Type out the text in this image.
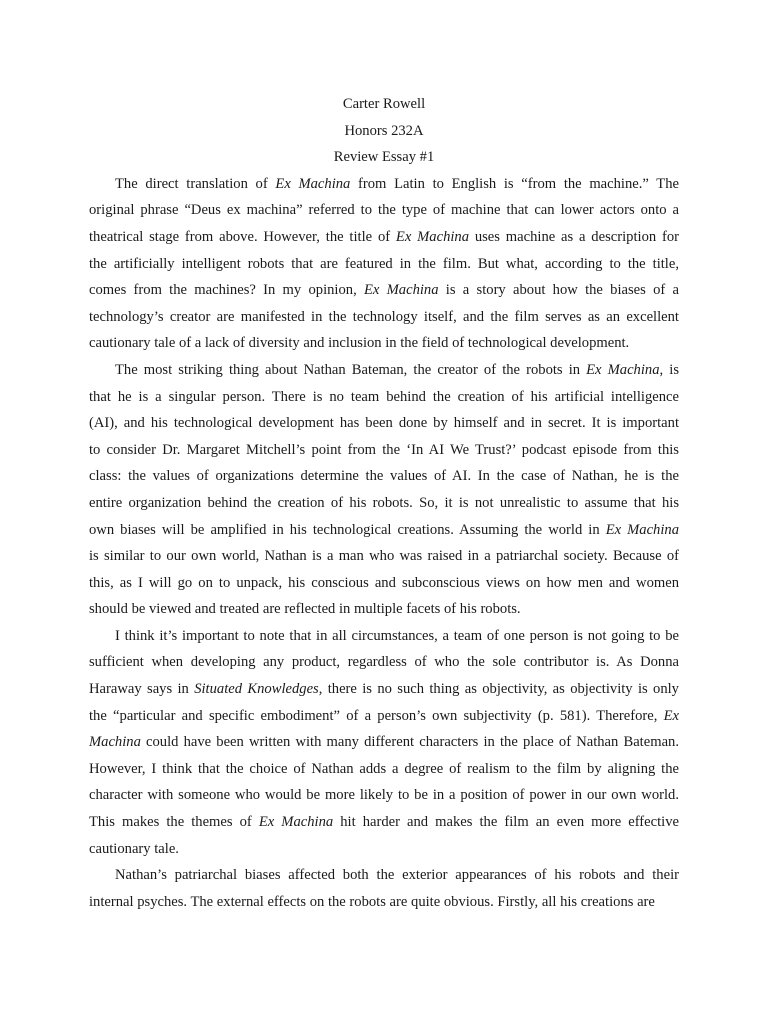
Carter Rowell

Honors 232A

Review Essay #1

The direct translation of Ex Machina from Latin to English is “from the machine.” The
original phrase “Deus ex machina” referred to the type of machine that can lower actors onto a
theatrical stage from above. However, the title of Ex Machina uses machine as a description for
the artificially intelligent robots that are featured in the film. But what, according to the title,
comes from the machines? In my opinion, Ex Machina is a story about how the biases of a
technology’s creator are manifested in the technology itself, and the film serves as an excellent
cautionary tale of a lack of diversity and inclusion in the field of technological development.
The most striking thing about Nathan Bateman, the creator of the robots in Ex Machina, is
that he is a singular person. There is no team behind the creation of his artificial intelligence
(AI), and his technological development has been done by himself and in secret. It is important
to consider Dr. Margaret Mitchell’s point from the ‘In AI We Trust?’ podcast episode from this
class: the values of organizations determine the values of AI. In the case of Nathan, he is the
entire organization behind the creation of his robots. So, it is not unrealistic to assume that his
own biases will be amplified in his technological creations. Assuming the world in Ex Machina
is similar to our own world, Nathan is a man who was raised in a patriarchal society. Because of
this, as I will go on to unpack, his conscious and subconscious views on how men and women
should be viewed and treated are reflected in multiple facets of his robots.
I think it’s important to note that in all circumstances, a team of one person is not going to be
sufficient when developing any product, regardless of who the sole contributor is. As Donna
Haraway says in Situated Knowledges, there is no such thing as objectivity, as objectivity is only
the “particular and specific embodiment” of a person’s own subjectivity (p. 581). Therefore, Ex
Machina could have been written with many different characters in the place of Nathan Bateman.
However, I think that the choice of Nathan adds a degree of realism to the film by aligning the
character with someone who would be more likely to be in a position of power in our own world.
This makes the themes of Ex Machina hit harder and makes the film an even more effective
cautionary tale.
Nathan’s patriarchal biases affected both the exterior appearances of his robots and their
internal psyches. The external effects on the robots are quite obvious. Firstly, all his creations are
